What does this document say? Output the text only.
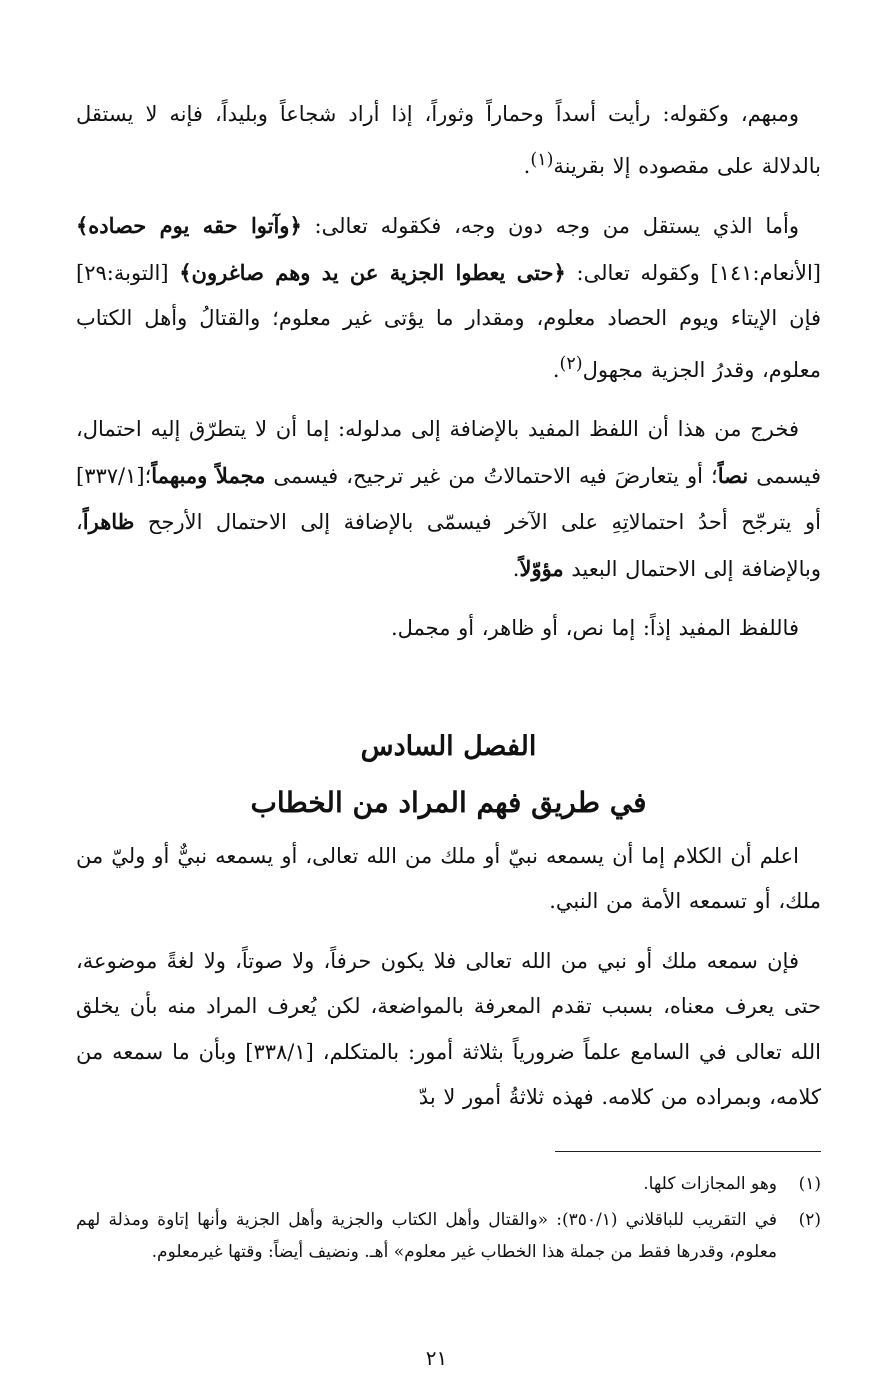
ومبهم، وكقوله: رأيت أسداً وحماراً وثوراً، إذا أراد شجاعاً وبليداً، فإنه لا يستقل بالدلالة على مقصوده إلا بقرينة$^{(١)}$.

وأما الذي يستقل من وجه دون وجه، فكقوله تعالى: ﴿وآتوا حقه يوم حصاده﴾ [الأنعام:١٤١] وكقوله تعالى: ﴿حتى يعطوا الجزية عن يد وهم صاغرون﴾ [التوبة:٢٩] فإن الإيتاء ويوم الحصاد معلوم، ومقدار ما يؤتى غير معلوم؛ والقتالُ وأهل الكتاب معلوم، وقدرُ الجزية مجهول$^{(٢)}$.

فخرج من هذا أن اللفظ المفيد بالإضافة إلى مدلوله: إما أن لا يتطرّق إليه احتمال، فيسمى نصاً؛ أو يتعارضَ فيه الاحتمالاتُ من غير ترجيح، فيسمى مجملاً ومبهماً؛[٣٣٧/١] أو يترجّح أحدُ احتمالاتِهِ على الآخر فيسمّى بالإضافة إلى الاحتمال الأرجح ظاهراً، وبالإضافة إلى الاحتمال البعيد مؤوّلاً.

فاللفظ المفيد إذاً: إما نص، أو ظاهر، أو مجمل.

الفصل السادس
في طريق فهم المراد من الخطاب

اعلم أن الكلام إما أن يسمعه نبيّ أو ملك من الله تعالى، أو يسمعه نبيٌّ أو وليّ من ملك، أو تسمعه الأمة من النبي.

فإن سمعه ملك أو نبي من الله تعالى فلا يكون حرفاً، ولا صوتاً، ولا لغةً موضوعة، حتى يعرف معناه، بسبب تقدم المعرفة بالمواضعة، لكن يُعرف المراد منه بأن يخلق الله تعالى في السامع علماً ضرورياً بثلاثة أمور: بالمتكلم، [٣٣٨/١] وبأن ما سمعه من كلامه، وبمراده من كلامه. فهذه ثلاثةُ أمور لا بدّ

(١)
وهو المجازات كلها.
(٢)
في التقريب للباقلاني (٣٥٠/١): «والقتال وأهل الكتاب والجزية وأهل الجزية وأنها إتاوة ومذلة لهم معلوم، وقدرها فقط من جملة هذا الخطاب غير معلوم» أهـ. ونضيف أيضاً: وقتها غيرمعلوم.
٢١
